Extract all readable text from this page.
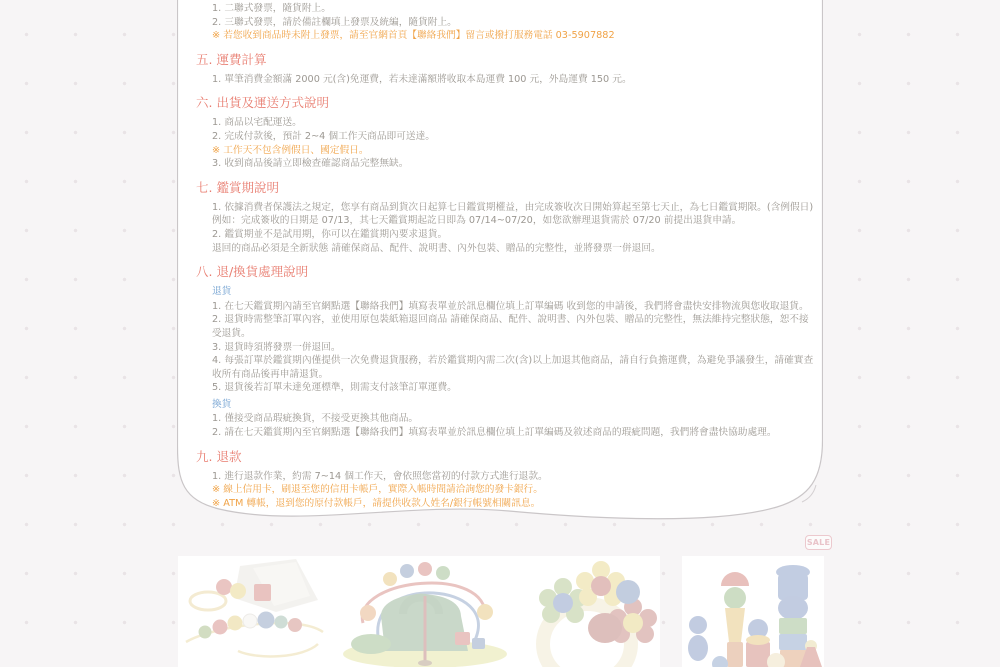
1. 二聯式發票，隨貨附上。
2. 三聯式發票，請於備註欄填上發票及統編，隨貨附上。
※ 若您收到商品時未附上發票，請至官網首頁【聯絡我們】留言或撥打服務電話 03-5907882
五. 運費計算
1. 單筆消費金額滿 2000 元(含)免運費，若未達滿額將收取本島運費 100 元，外島運費 150 元。
六. 出貨及運送方式說明
1. 商品以宅配運送。
2. 完成付款後，預計 2~4 個工作天商品即可送達。
※ 工作天不包含例假日、國定假日。
3. 收到商品後請立即檢查確認商品完整無缺。
七. 鑑賞期說明
1. 依據消費者保護法之規定，您享有商品到貨次日起算七日鑑賞期權益，由完成簽收次日開始算起至第七天止，為七日鑑賞期限。(含例假日)
例如：完成簽收的日期是 07/13，其七天鑑賞期起訖日即為 07/14~07/20，如您欲辦理退貨需於 07/20 前提出退貨申請。
2. 鑑賞期並不是試用期，你可以在鑑賞期內要求退貨。
退回的商品必須是全新狀態 請確保商品、配件、說明書、內外包裝、贈品的完整性，並將發票一併退回。
八. 退/換貨處理說明
退貨
1. 在七天鑑賞期內請至官網點選【聯絡我們】填寫表單並於訊息欄位填上訂單編碼 收到您的申請後，我們將會盡快安排物流與您收取退貨。
2. 退貨時需整筆訂單內容，並使用原包裝紙箱退回商品 請確保商品、配件、說明書、內外包裝、贈品的完整性，無法維持完整狀態，恕不接受退貨。
3. 退貨時須將發票一併退回。
4. 每張訂單於鑑賞期內僅提供一次免費退貨服務，若於鑑賞期內需二次(含)以上加退其他商品，請自行負擔運費，為避免爭議發生，請確實查收所有商品後再申請退貨。
5. 退貨後若訂單未達免運標準，則需支付該筆訂單運費。
換貨
1. 僅接受商品瑕疵換貨，不接受更換其他商品。
2. 請在七天鑑賞期內至官網點選【聯絡我們】填寫表單並於訊息欄位填上訂單編碼及敘述商品的瑕疵問題，我們將會盡快協助處理。
九. 退款
1. 進行退款作業，約需 7~14 個工作天，會依照您當初的付款方式進行退款。
※ 線上信用卡，刷退至您的信用卡帳戶，實際入帳時間請洽詢您的發卡銀行。
※ ATM 轉帳，退到您的原付款帳戶，請提供收款人姓名/銀行帳號相關訊息。
SALE
